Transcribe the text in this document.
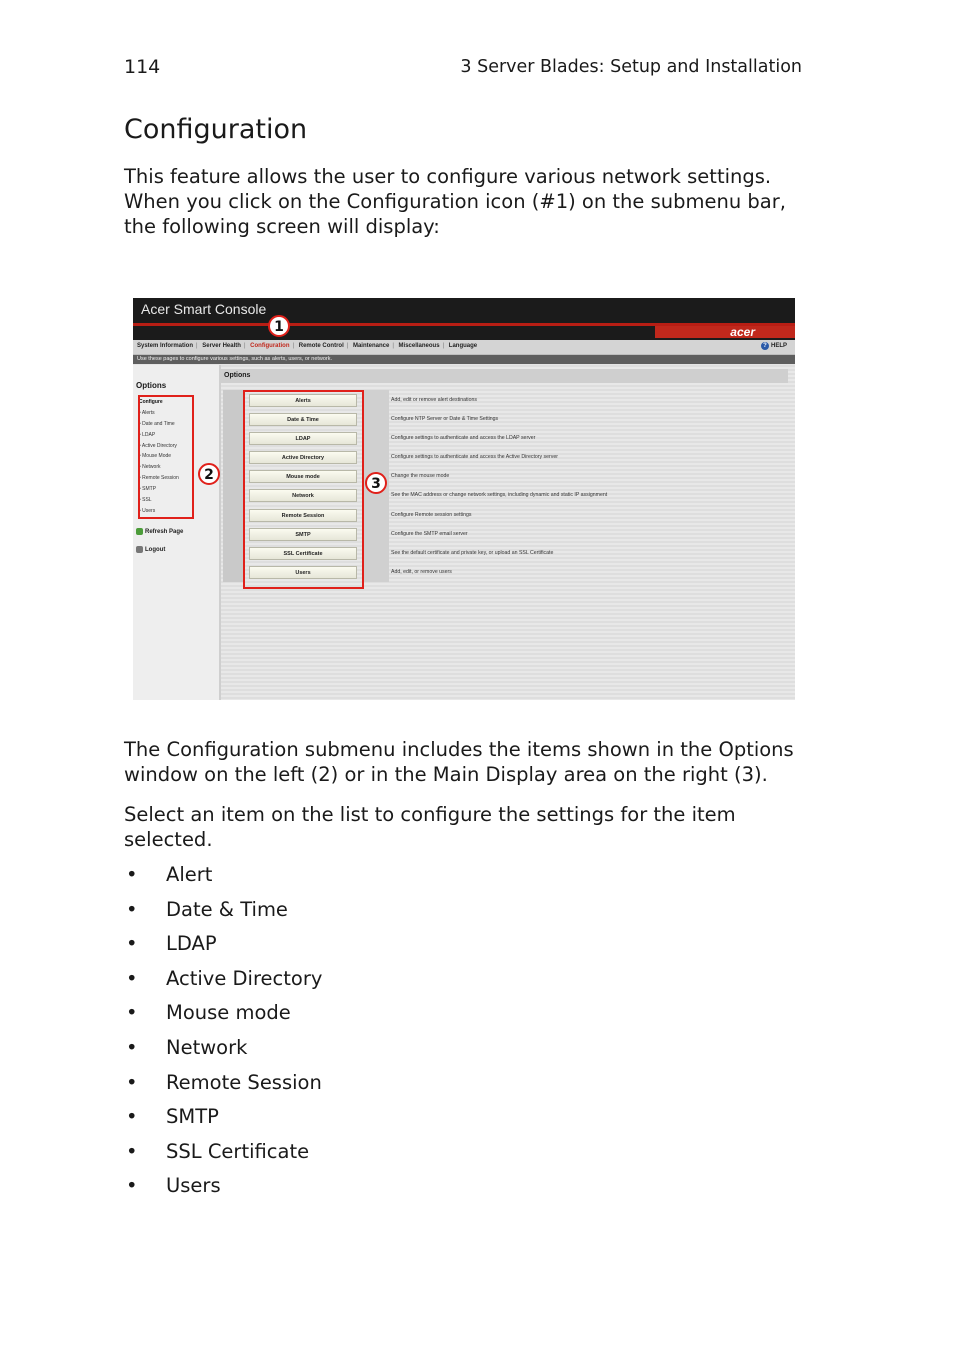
114	3 Server Blades: Setup and Installation
Configuration

This feature allows the user to configure various network settings. When you click on the Configuration icon (#1) on the submenu bar, the following screen will display:

Acer Smart Console
acer
System Information | Server Health | Configuration | Remote Control | Maintenance | Miscellaneous | Language	? HELP
Use these pages to configure various settings, such as alerts, users, or network.
Options
Configure
• Alerts
• Date and Time
• LDAP
• Active Directory
• Mouse Mode
• Network
• Remote Session
• SMTP
• SSL
• Users
Refresh Page
Logout
Options
Alerts	Add, edit or remove alert destinations
Date & Time	Configure NTP Server or Date & Time Settings
LDAP	Configure settings to authenticate and access the LDAP server
Active Directory	Configure settings to authenticate and access the Active Directory server
Mouse mode	Change the mouse mode
Network	See the MAC address or change network settings, including dynamic and static IP assignment
Remote Session	Configure Remote session settings
SMTP	Configure the SMTP email server
SSL Certificate	See the default certificate and private key, or upload an SSL Certificate
Users	Add, edit, or remove users
1
2
3

The Configuration submenu includes the items shown in the Options window on the left (2) or in the Main Display area on the right (3).

Select an item on the list to configure the settings for the item selected.

• Alert
• Date & Time
• LDAP
• Active Directory
• Mouse mode
• Network
• Remote Session
• SMTP
• SSL Certificate
• Users
